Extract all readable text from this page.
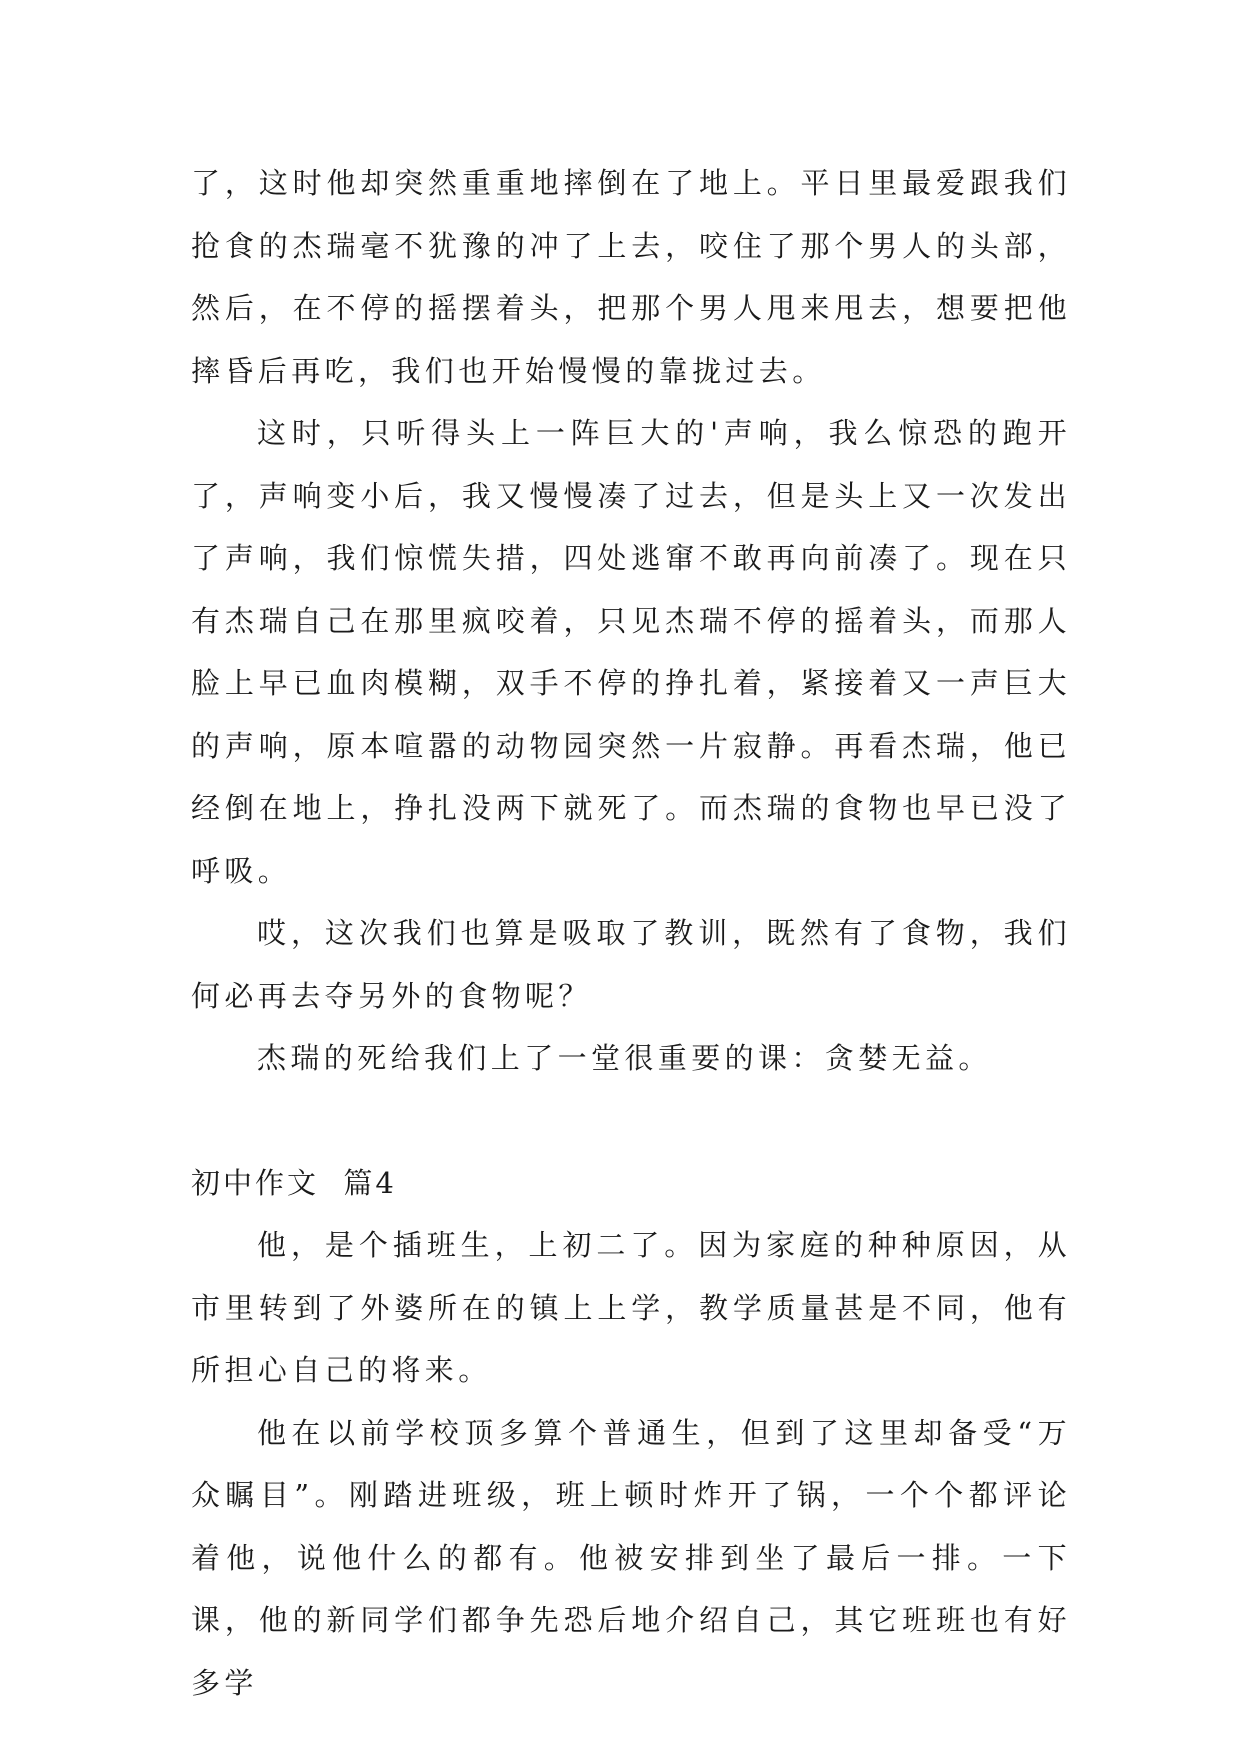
了，这时他却突然重重地摔倒在了地上。平日里最爱跟我们抢食的杰瑞毫不犹豫的冲了上去，咬住了那个男人的头部，然后，在不停的摇摆着头，把那个男人甩来甩去，想要把他摔昏后再吃，我们也开始慢慢的靠拢过去。

这时，只听得头上一阵巨大的'声响，我么惊恐的跑开了，声响变小后，我又慢慢凑了过去，但是头上又一次发出了声响，我们惊慌失措，四处逃窜不敢再向前凑了。现在只有杰瑞自己在那里疯咬着，只见杰瑞不停的摇着头，而那人脸上早已血肉模糊，双手不停的挣扎着，紧接着又一声巨大的声响，原本喧嚣的动物园突然一片寂静。再看杰瑞，他已经倒在地上，挣扎没两下就死了。而杰瑞的食物也早已没了呼吸。

哎，这次我们也算是吸取了教训，既然有了食物，我们何必再去夺另外的食物呢？

杰瑞的死给我们上了一堂很重要的课：贪婪无益。

初中作文  篇4

他，是个插班生，上初二了。因为家庭的种种原因，从市里转到了外婆所在的镇上上学，教学质量甚是不同，他有所担心自己的将来。

他在以前学校顶多算个普通生，但到了这里却备受“万众瞩目”。刚踏进班级，班上顿时炸开了锅，一个个都评论着他，说他什么的都有。他被安排到坐了最后一排。一下课，他的新同学们都争先恐后地介绍自己，其它班班也有好多学
